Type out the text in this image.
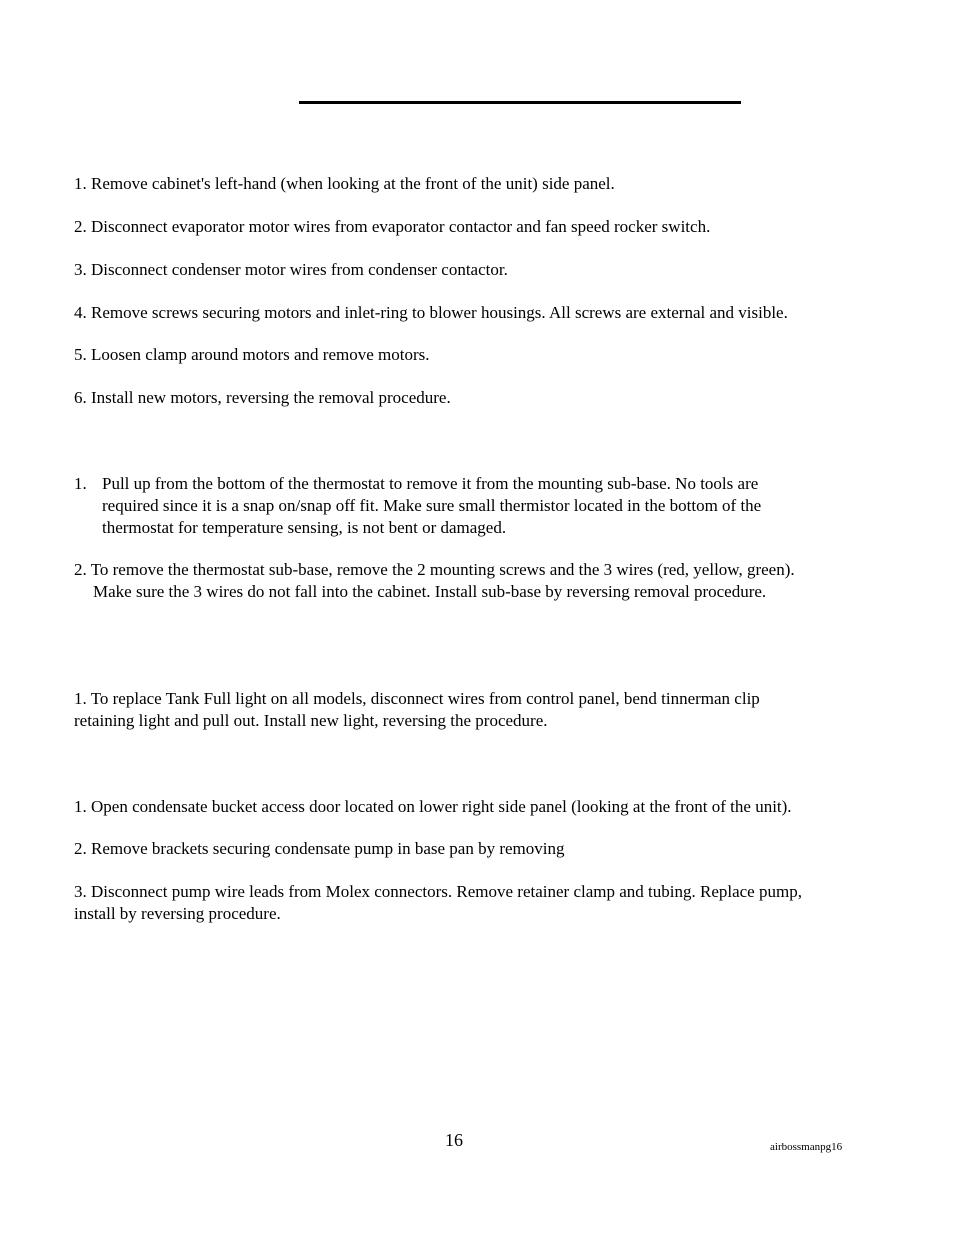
1. Remove cabinet's left-hand (when looking at the front of the unit) side panel.

2. Disconnect evaporator motor wires from evaporator contactor and fan speed rocker switch.

3. Disconnect condenser motor wires from condenser contactor.

4. Remove screws securing motors and inlet-ring to blower housings. All screws are external and visible.

5. Loosen clamp around motors and remove motors.

6. Install new motors, reversing the removal procedure.

1. Pull up from the bottom of the thermostat to remove it from the mounting sub-base. No tools are
required since it is a snap on/snap off fit. Make sure small thermistor located in the bottom of the
thermostat for temperature sensing, is not bent or damaged.
2. To remove the thermostat sub-base, remove the 2 mounting screws and the 3 wires (red, yellow, green).
Make sure the 3 wires do not fall into the cabinet. Install sub-base by reversing removal procedure.
1. To replace Tank Full light on all models, disconnect wires from control panel, bend tinnerman clip
retaining light and pull out. Install new light, reversing the procedure.

1. Open condensate bucket access door located on lower right side panel (looking at the front of the unit).

2. Remove brackets securing condensate pump in base pan by removing

3. Disconnect pump wire leads from Molex connectors. Remove retainer clamp and tubing. Replace pump,
install by reversing procedure.
16	airbossmanpg16
